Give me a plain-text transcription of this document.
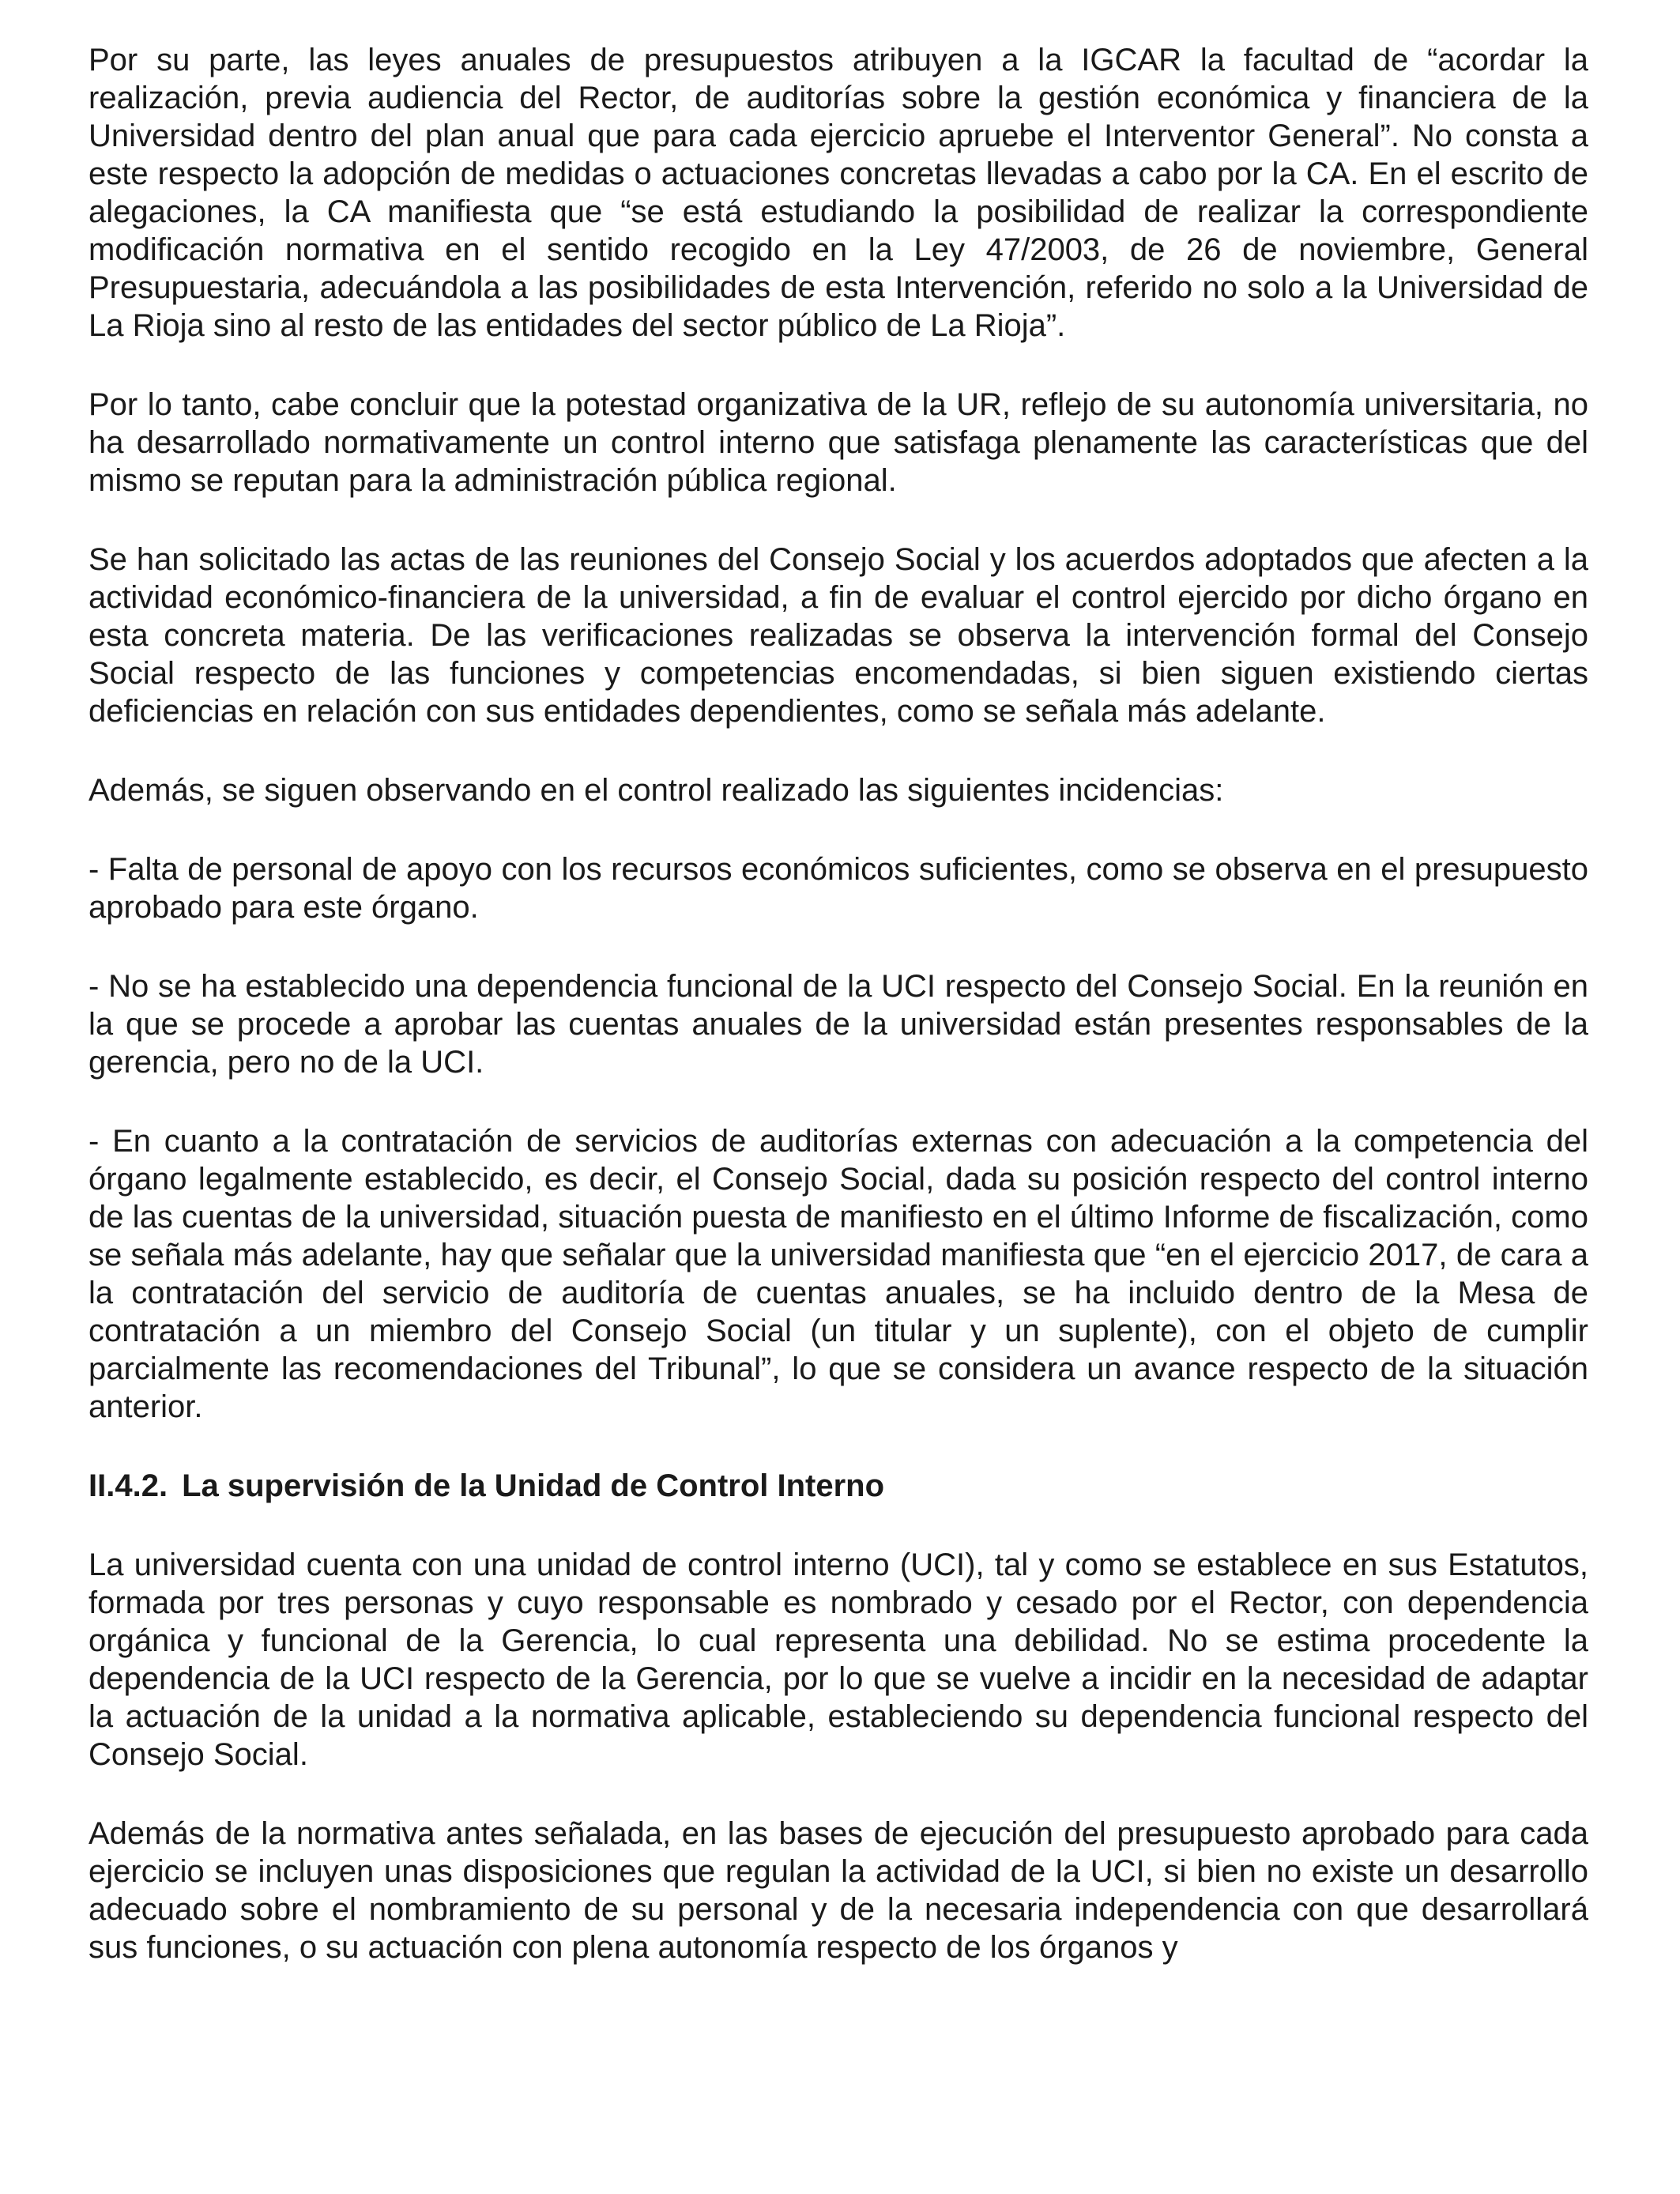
Por su parte, las leyes anuales de presupuestos atribuyen a la IGCAR la facultad de “acordar la realización, previa audiencia del Rector, de auditorías sobre la gestión económica y financiera de la Universidad dentro del plan anual que para cada ejercicio apruebe el Interventor General”. No consta a este respecto la adopción de medidas o actuaciones concretas llevadas a cabo por la CA. En el escrito de alegaciones, la CA manifiesta que “se está estudiando la posibilidad de realizar la correspondiente modificación normativa en el sentido recogido en la Ley 47/2003, de 26 de noviembre, General Presupuestaria, adecuándola a las posibilidades de esta Intervención, referido no solo a la Universidad de La Rioja sino al resto de las entidades del sector público de La Rioja”.

Por lo tanto, cabe concluir que la potestad organizativa de la UR, reflejo de su autonomía universitaria, no ha desarrollado normativamente un control interno que satisfaga plenamente las características que del mismo se reputan para la administración pública regional.

Se han solicitado las actas de las reuniones del Consejo Social y los acuerdos adoptados que afecten a la actividad económico-financiera de la universidad, a fin de evaluar el control ejercido por dicho órgano en esta concreta materia. De las verificaciones realizadas se observa la intervención formal del Consejo Social respecto de las funciones y competencias encomendadas, si bien siguen existiendo ciertas deficiencias en relación con sus entidades dependientes, como se señala más adelante.

Además, se siguen observando en el control realizado las siguientes incidencias:

- Falta de personal de apoyo con los recursos económicos suficientes, como se observa en el presupuesto aprobado para este órgano.

- No se ha establecido una dependencia funcional de la UCI respecto del Consejo Social. En la reunión en la que se procede a aprobar las cuentas anuales de la universidad están presentes responsables de la gerencia, pero no de la UCI.

- En cuanto a la contratación de servicios de auditorías externas con adecuación a la competencia del órgano legalmente establecido, es decir, el Consejo Social, dada su posición respecto del control interno de las cuentas de la universidad, situación puesta de manifiesto en el último Informe de fiscalización, como se señala más adelante, hay que señalar que la universidad manifiesta que “en el ejercicio 2017, de cara a la contratación del servicio de auditoría de cuentas anuales, se ha incluido dentro de la Mesa de contratación a un miembro del Consejo Social (un titular y un suplente), con el objeto de cumplir parcialmente las recomendaciones del Tribunal”, lo que se considera un avance respecto de la situación anterior.

II.4.2. La supervisión de la Unidad de Control Interno

La universidad cuenta con una unidad de control interno (UCI), tal y como se establece en sus Estatutos, formada por tres personas y cuyo responsable es nombrado y cesado por el Rector, con dependencia orgánica y funcional de la Gerencia, lo cual representa una debilidad. No se estima procedente la dependencia de la UCI respecto de la Gerencia, por lo que se vuelve a incidir en la necesidad de adaptar la actuación de la unidad a la normativa aplicable, estableciendo su dependencia funcional respecto del Consejo Social.

Además de la normativa antes señalada, en las bases de ejecución del presupuesto aprobado para cada ejercicio se incluyen unas disposiciones que regulan la actividad de la UCI, si bien no existe un desarrollo adecuado sobre el nombramiento de su personal y de la necesaria independencia con que desarrollará sus funciones, o su actuación con plena autonomía respecto de los órganos y
